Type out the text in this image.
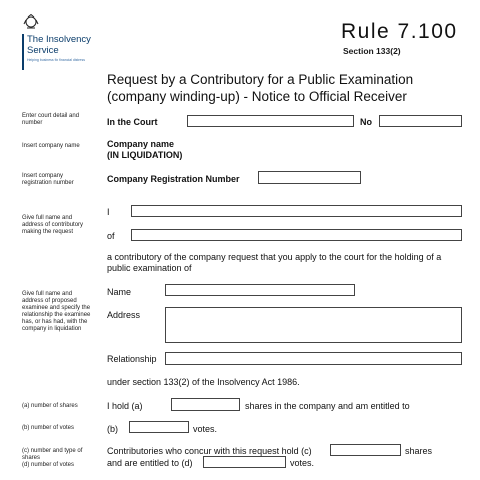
The Insolvency
Service
Helping business fix financial distress
Rule 7.100
Section 133(2)
Request by a Contributory for a Public Examination
(company winding-up) - Notice to Official Receiver
Enter court detail and number
Insert company name
Insert company registration number
Give full name and address of contributory making the request
Give full name and address of proposed examinee and specify the relationship the examinee has, or has had, with the company in liquidation
(a) number of shares
(b) number of votes
(c) number and type of shares
(d) number of votes
In the Court	No
Company name
(IN LIQUIDATION)
Company Registration Number
I
of
a contributory of the company request that you apply to the court for the holding of a public examination of
Name
Address
Relationship
under section 133(2) of the Insolvency Act 1986.
I hold (a)	shares in the company and am entitled to
(b)	votes.
Contributories who concur with this request hold (c)	shares
and are entitled to (d)	votes.
